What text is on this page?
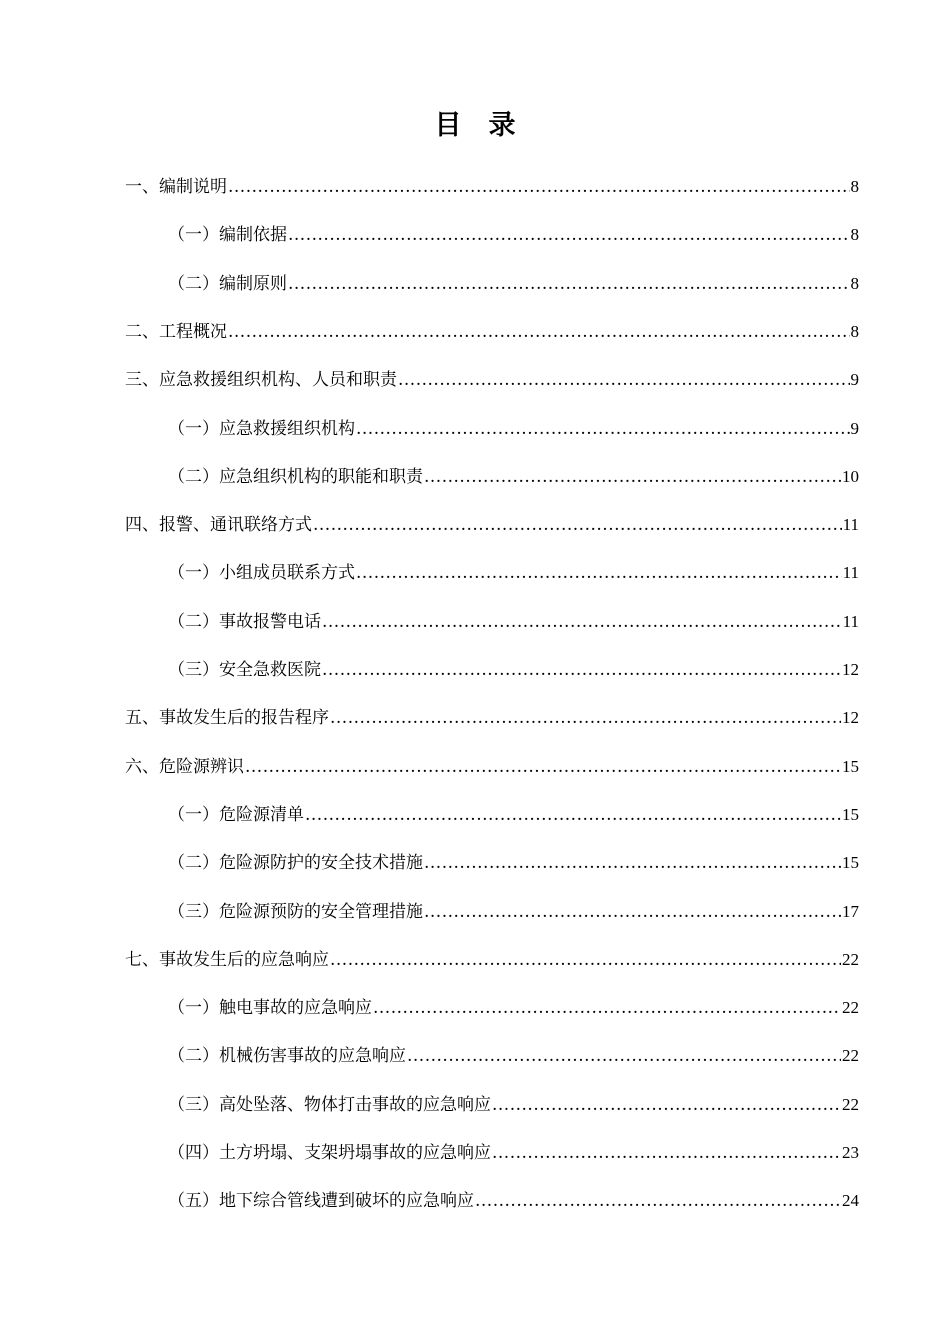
目　录
一、编制说明 .....	8
（一）编制依据 .....	8
（二）编制原则 .....	8
二、工程概况 .....	8
三、应急救援组织机构、人员和职责 .....	9
（一）应急救援组织机构 .....	9
（二）应急组织机构的职能和职责 .....	10
四、报警、通讯联络方式 .....	11
（一）小组成员联系方式 .....	11
（二）事故报警电话 .....	11
（三）安全急救医院 .....	12
五、事故发生后的报告程序 .....	12
六、危险源辨识 .....	15
（一）危险源清单 .....	15
（二）危险源防护的安全技术措施 .....	15
（三）危险源预防的安全管理措施 .....	17
七、事故发生后的应急响应 .....	22
（一）触电事故的应急响应 .....	22
（二）机械伤害事故的应急响应 .....	22
（三）高处坠落、物体打击事故的应急响应 .....	22
（四）土方坍塌、支架坍塌事故的应急响应 .....	23
（五）地下综合管线遭到破坏的应急响应 .....	24
